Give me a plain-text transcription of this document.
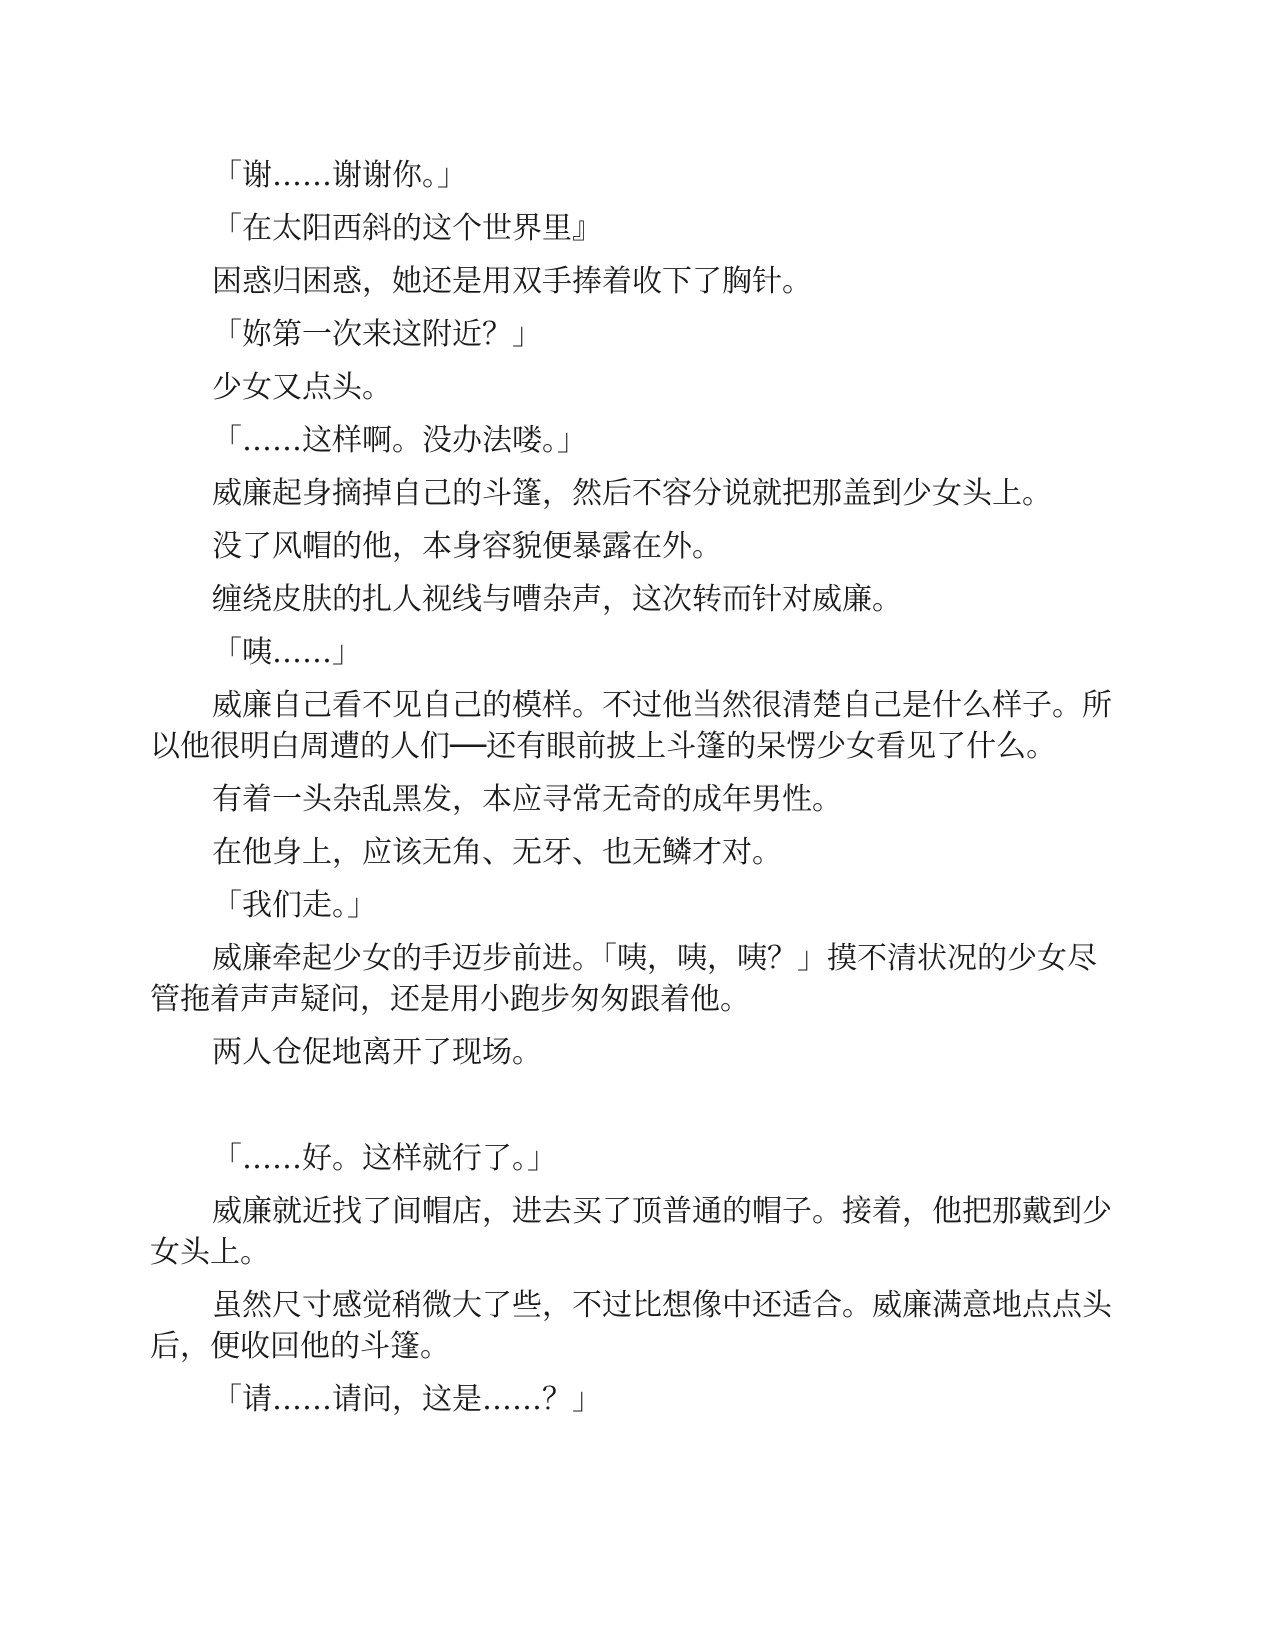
「谢……谢谢你。」

「在太阳西斜的这个世界里』

困惑归困惑，她还是用双手捧着收下了胸针。

「妳第一次来这附近？」

少女又点头。

「……这样啊。没办法喽。」

威廉起身摘掉自己的斗篷，然后不容分说就把那盖到少女头上。

没了风帽的他，本身容貌便暴露在外。

缠绕皮肤的扎人视线与嘈杂声，这次转而针对威廉。

「咦……」

威廉自己看不见自己的模样。不过他当然很清楚自己是什么样子。所以他很明白周遭的人们──还有眼前披上斗篷的呆愣少女看见了什么。

有着一头杂乱黑发，本应寻常无奇的成年男性。

在他身上，应该无角、无牙、也无鳞才对。

「我们走。」

威廉牵起少女的手迈步前进。「咦，咦，咦？」摸不清状况的少女尽管拖着声声疑问，还是用小跑步匆匆跟着他。

两人仓促地离开了现场。

「……好。这样就行了。」

威廉就近找了间帽店，进去买了顶普通的帽子。接着，他把那戴到少女头上。

虽然尺寸感觉稍微大了些，不过比想像中还适合。威廉满意地点点头后，便收回他的斗篷。

「请……请问，这是……？」
